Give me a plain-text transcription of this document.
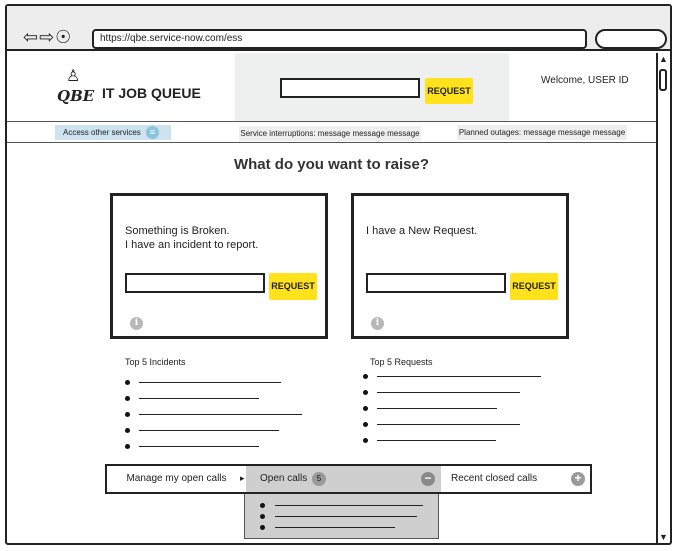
⇦⇨☉	https://qbe.service-now.com/ess
▲
▼
♙
QBE IT JOB QUEUE	REQUEST
Welcome, USER ID
Access other services	≡	Service interruptions: message message message	Planned outages: message message message
What do you want to raise?
Something is Broken.
I have an incident to report.
REQUEST
i
I have a New Request.
REQUEST
i
Top 5 Incidents	Top 5 Requests
Manage my open calls	Open calls	5	−
▸	Recent closed calls	+
